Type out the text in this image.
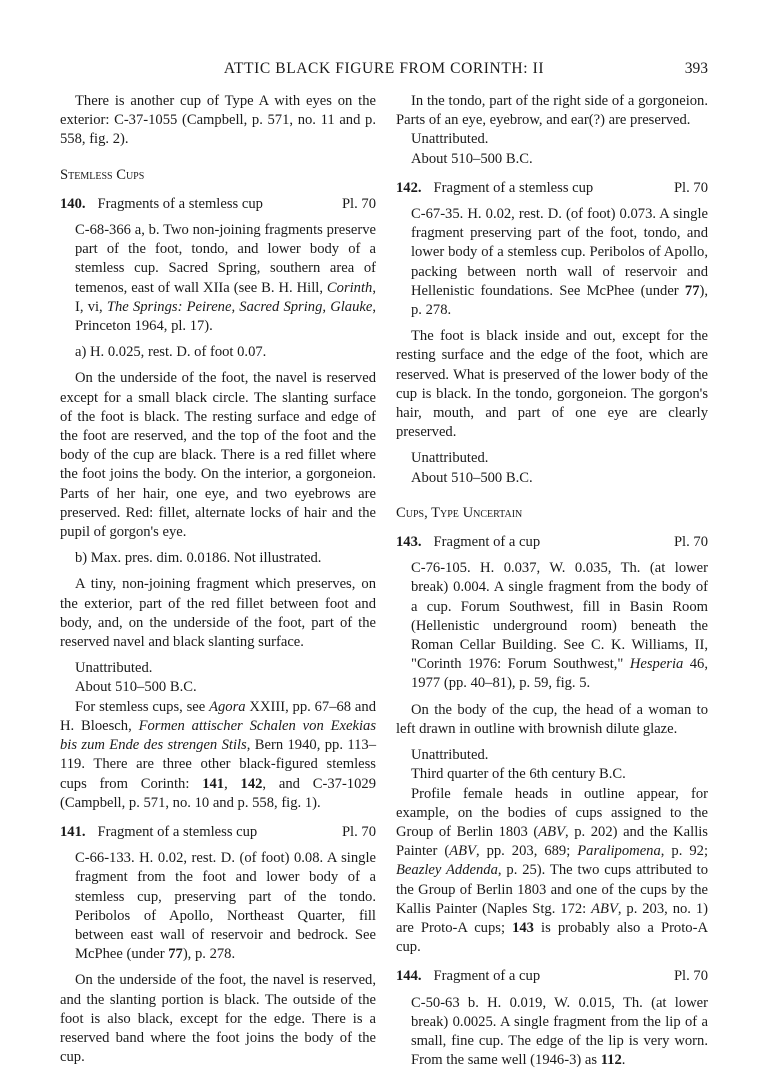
ATTIC BLACK FIGURE FROM CORINTH: II	393

There is another cup of Type A with eyes on the exterior: C-37-1055 (Campbell, p. 571, no. 11 and p. 558, fig. 2).

Stemless Cups
140. Fragments of a stemless cup	Pl. 70

C-68-366 a, b. Two non-joining fragments preserve part of the foot, tondo, and lower body of a stemless cup. Sacred Spring, southern area of temenos, east of wall XIIa (see B. H. Hill, Corinth, I, vi, The Springs: Peirene, Sacred Spring, Glauke, Princeton 1964, pl. 17).

a) H. 0.025, rest. D. of foot 0.07.

On the underside of the foot, the navel is reserved except for a small black circle. The slanting surface of the foot is black. The resting surface and edge of the foot are reserved, and the top of the foot and the body of the cup are black. There is a red fillet where the foot joins the body. On the interior, a gorgoneion. Parts of her hair, one eye, and two eyebrows are preserved. Red: fillet, alternate locks of hair and the pupil of gorgon's eye.

b) Max. pres. dim. 0.0186. Not illustrated.

A tiny, non-joining fragment which preserves, on the exterior, part of the red fillet between foot and body, and, on the underside of the foot, part of the reserved navel and black slanting surface.

Unattributed.

About 510–500 B.C.

For stemless cups, see Agora XXIII, pp. 67–68 and H. Bloesch, Formen attischer Schalen von Exekias bis zum Ende des strengen Stils, Bern 1940, pp. 113–119. There are three other black-figured stemless cups from Corinth: 141, 142, and C-37-1029 (Campbell, p. 571, no. 10 and p. 558, fig. 1).

141. Fragment of a stemless cup	Pl. 70

C-66-133. H. 0.02, rest. D. (of foot) 0.08. A single fragment from the foot and lower body of a stemless cup, preserving part of the tondo. Peribolos of Apollo, Northeast Quarter, fill between east wall of reservoir and bedrock. See McPhee (under 77), p. 278.

On the underside of the foot, the navel is reserved, and the slanting portion is black. The outside of the foot is also black, except for the edge. There is a reserved band where the foot joins the body of the cup.

In the tondo, part of the right side of a gorgoneion. Parts of an eye, eyebrow, and ear(?) are preserved.

Unattributed.

About 510–500 B.C.

142. Fragment of a stemless cup	Pl. 70

C-67-35. H. 0.02, rest. D. (of foot) 0.073. A single fragment preserving part of the foot, tondo, and lower body of a stemless cup. Peribolos of Apollo, packing between north wall of reservoir and Hellenistic foundations. See McPhee (under 77), p. 278.

The foot is black inside and out, except for the resting surface and the edge of the foot, which are reserved. What is preserved of the lower body of the cup is black. In the tondo, gorgoneion. The gorgon's hair, mouth, and part of one eye are clearly preserved.

Unattributed.

About 510–500 B.C.

Cups, Type Uncertain
143. Fragment of a cup	Pl. 70

C-76-105. H. 0.037, W. 0.035, Th. (at lower break) 0.004. A single fragment from the body of a cup. Forum Southwest, fill in Basin Room (Hellenistic underground room) beneath the Roman Cellar Building. See C. K. Williams, II, "Corinth 1976: Forum Southwest," Hesperia 46, 1977 (pp. 40–81), p. 59, fig. 5.

On the body of the cup, the head of a woman to left drawn in outline with brownish dilute glaze.

Unattributed.

Third quarter of the 6th century B.C.

Profile female heads in outline appear, for example, on the bodies of cups assigned to the Group of Berlin 1803 (ABV, p. 202) and the Kallis Painter (ABV, pp. 203, 689; Paralipomena, p. 92; Beazley Addenda, p. 25). The two cups attributed to the Group of Berlin 1803 and one of the cups by the Kallis Painter (Naples Stg. 172: ABV, p. 203, no. 1) are Proto-A cups; 143 is probably also a Proto-A cup.

144. Fragment of a cup	Pl. 70

C-50-63 b. H. 0.019, W. 0.015, Th. (at lower break) 0.0025. A single fragment from the lip of a small, fine cup. The edge of the lip is very worn. From the same well (1946-3) as 112.
